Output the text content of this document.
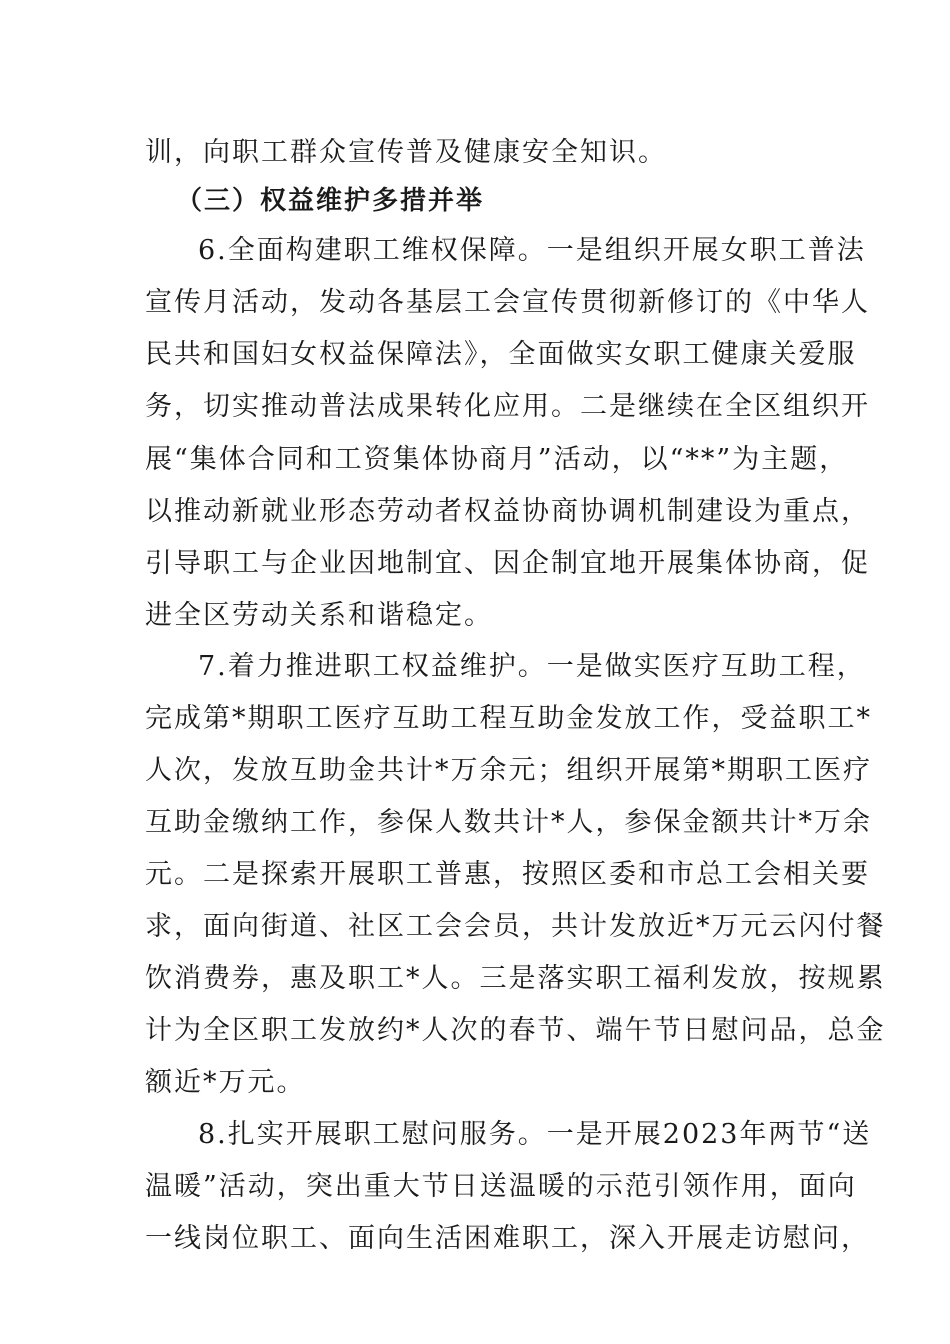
训，向职工群众宣传普及健康安全知识。
（三）权益维护多措并举
6.全面构建职工维权保障。一是组织开展女职工普法
宣传月活动，发动各基层工会宣传贯彻新修订的《中华人
民共和国妇女权益保障法》，全面做实女职工健康关爱服
务，切实推动普法成果转化应用。二是继续在全区组织开
展“集体合同和工资集体协商月”活动，以“**”为主题，
以推动新就业形态劳动者权益协商协调机制建设为重点，
引导职工与企业因地制宜、因企制宜地开展集体协商，促
进全区劳动关系和谐稳定。
7.着力推进职工权益维护。一是做实医疗互助工程，
完成第*期职工医疗互助工程互助金发放工作，受益职工*
人次，发放互助金共计*万余元；组织开展第*期职工医疗
互助金缴纳工作，参保人数共计*人，参保金额共计*万余
元。二是探索开展职工普惠，按照区委和市总工会相关要
求，面向街道、社区工会会员，共计发放近*万元云闪付餐
饮消费券，惠及职工*人。三是落实职工福利发放，按规累
计为全区职工发放约*人次的春节、端午节日慰问品，总金
额近*万元。
8.扎实开展职工慰问服务。一是开展2023年两节“送
温暖”活动，突出重大节日送温暖的示范引领作用，面向
一线岗位职工、面向生活困难职工，深入开展走访慰问，
